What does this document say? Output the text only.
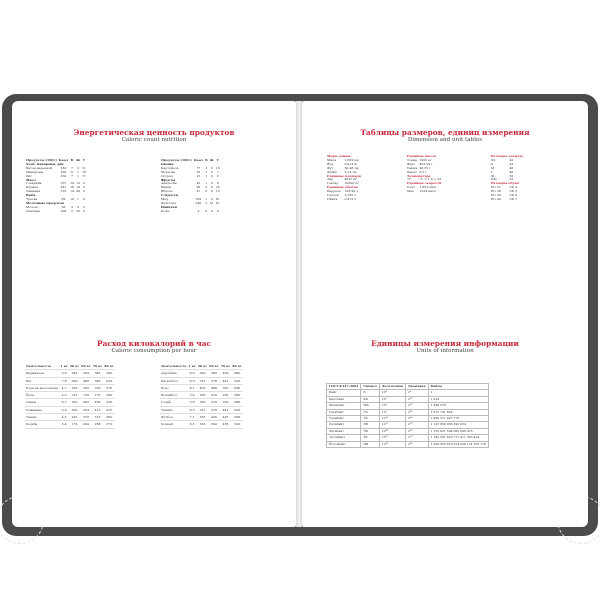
Энергетическая ценность продуктов
Caloric count nutrition
Продукты (100г)	Ккал	Б	Ж	У
Хлеб, макароны, рис				
Батон нарезной	262	7	3	51
Макароны	336	11	1	70
Рис	330	7	1	71
Мясо				
Говядина	187	19	12	0
Курица	241	18	19	0
Свинина	316	14	29	0
Рыба				
Треска	69	16	1	0
Молочные продукты				
Молоко	58	3	3	5
Сметана	206	3	20	3
Продукты (100г)	Ккал	Б	Ж	У
Овощи				
Картофель	77	2	0	16
Морковь	35	1	0	7
Огурец	15	1	0	3
Фрукты				
Апельсин	43	1	0	8
Банан	96	2	0	22
Яблоко	47	0	0	10
Сладости				
Мед	329	1	0	81
Шоколад	546	5	31	61
Напитки				
Кофе	2	0	0	0
Расход килокалорий в час
Caloric consumption per hour
Деятельность	1 кг	50 кг	60 кг	70 кг	80 кг
Бадминтон	5,6	245	294	343	392
Бег	7,8	390	468	546	624
Езда на велосипеде	4,7	235	282	329	376
Йога	2,5	125	150	175	200
Лыжи	6,7	335	402	469	536
Плавание	5,9	295	354	413	472
Танцы	4,5	225	270	315	360
Ходьба	3,4	170	204	238	272
Деятельность	1 кг	50 кг	60 кг	70 кг	80 кг
Аэробика	6,0	300	360	420	480
Баскетбол	6,3	315	378	441	504
Бокс	8,1	405	486	567	648
Волейбол	3,6	180	216	252	288
Гольф	3,6	180	216	252	288
Теннис	6,3	315	378	441	504
Футбол	7,1	355	426	497	568
Хоккей	6,5	325	390	455	520
Таблицы размеров, единиц измерения
Dimension and unit tables
Меры длины	
Миля	1,609 км
Ярд	0,914 м
Фут	30,48 см
Дюйм	2,54 см
Единицы площади	
Акр	4047 м²
Гектар	10000 м²
Единицы объёма	
Баррель	158,99 л
Галлон	3,785 л
Пинта	0,473 л
Единицы массы	
Тонна	1000 кг
Фунт	453,59 г
Унция	28,35 г
Карат	0,2 г
Температура	
°F	°C × 1,8 + 32
Единицы скорости	
Узел	1,852 км/ч
Мах	1224 км/ч
Размеры одежды	
XS	42
S	44
M	46
L	48
XL	50
XXL	52
Размеры обуви	
EU 37	UK 4
EU 38	UK 5
EU 39	UK 6
EU 40	UK 7
Единицы измерения информации
Units of information
ГОСТ 8.417-2002	Символ	Десятичная	Двоичная	Байты
Байт	Б	10⁰	2⁰	1
Килобайт	КБ	10³	2¹⁰	1 024
Мегабайт	МБ	10⁶	2²⁰	1 048 576
Гигабайт	ГБ	10⁹	2³⁰	1 073 741 824
Терабайт	ТБ	10¹²	2⁴⁰	1 099 511 627 776
Петабайт	ПБ	10¹⁵	2⁵⁰	1 125 899 906 842 624
Эксабайт	ЭБ	10¹⁸	2⁶⁰	1 152 921 504 606 846 976
Зеттабайт	ЗБ	10²¹	2⁷⁰	1 180 591 620 717 411 303 424
Йоттабайт	ИБ	10²⁴	2⁸⁰	1 208 925 819 614 629 174 706 176
